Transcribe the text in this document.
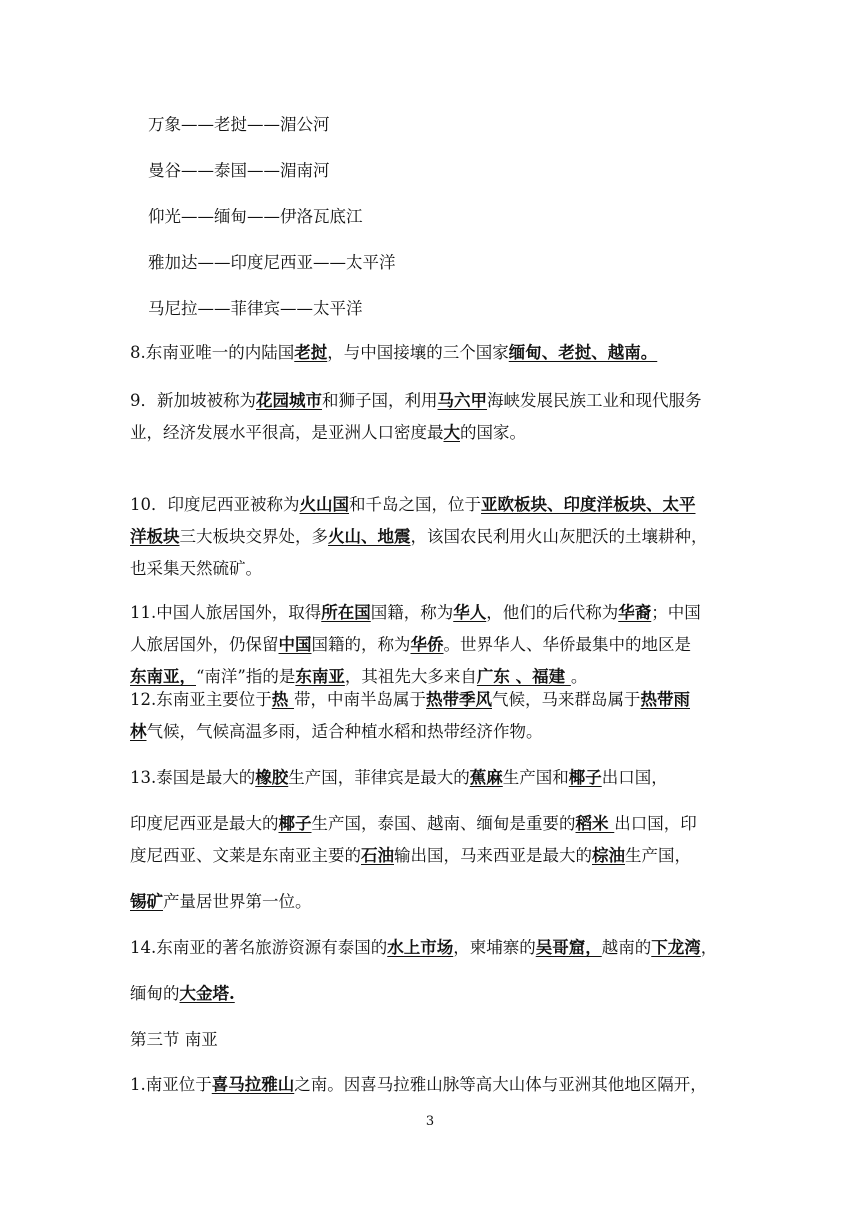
万象——老挝——湄公河
曼谷——泰国——湄南河
仰光——缅甸——伊洛瓦底江
雅加达——印度尼西亚——太平洋
马尼拉——菲律宾——太平洋
8.东南亚唯一的内陆国老挝，与中国接壤的三个国家缅甸、老挝、越南。
9．新加坡被称为花园城市和狮子国，利用马六甲海峡发展民族工业和现代服务
业，经济发展水平很高，是亚洲人口密度最大的国家。
10．印度尼西亚被称为火山国和千岛之国，位于亚欧板块、印度洋板块、太平
洋板块三大板块交界处，多火山、地震，该国农民利用火山灰肥沃的土壤耕种，
也采集天然硫矿。
11.中国人旅居国外，取得所在国国籍，称为华人，他们的后代称为华裔；中国
人旅居国外，仍保留中国国籍的，称为华侨。世界华人、华侨最集中的地区是
东南亚，“南洋”指的是东南亚，其祖先大多来自广东 、福建 。
12.东南亚主要位于热 带，中南半岛属于热带季风气候，马来群岛属于热带雨
林气候，气候高温多雨，适合种植水稻和热带经济作物。
13.泰国是最大的橡胶生产国，菲律宾是最大的蕉麻生产国和椰子出口国，
印度尼西亚是最大的椰子生产国，泰国、越南、缅甸是重要的稻米 出口国，印
度尼西亚、文莱是东南亚主要的石油输出国，马来西亚是最大的棕油生产国，
锡矿产量居世界第一位。
14.东南亚的著名旅游资源有泰国的水上市场，柬埔寨的吴哥窟，越南的下龙湾，
缅甸的大金塔.
第三节 南亚
1.南亚位于喜马拉雅山之南。因喜马拉雅山脉等高大山体与亚洲其他地区隔开，
3
